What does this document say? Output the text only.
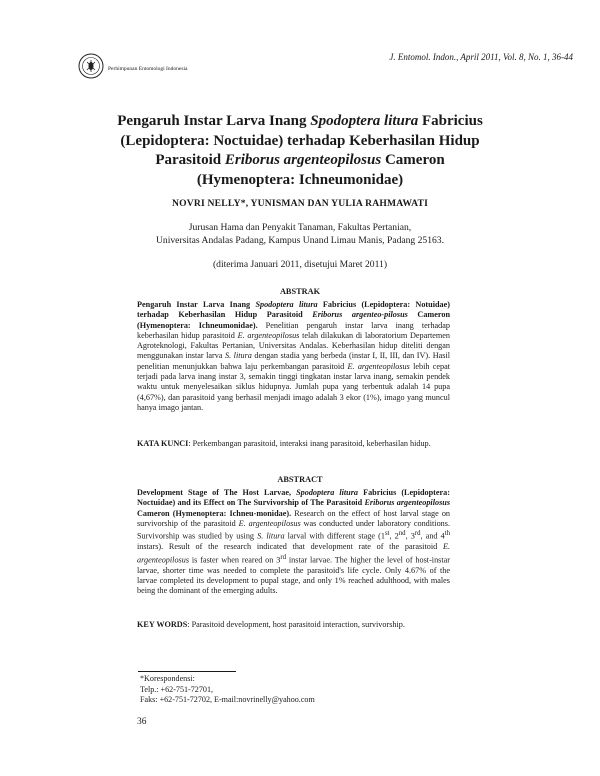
J. Entomol. Indon., April 2011, Vol. 8, No. 1, 36-44
Perhimpunan Entomologi Indonesia
Pengaruh Instar Larva Inang Spodoptera litura Fabricius
(Lepidoptera: Noctuidae) terhadap Keberhasilan Hidup
Parasitoid Eriborus argenteopilosus Cameron
(Hymenoptera: Ichneumonidae)
NOVRI NELLY*, YUNISMAN DAN YULIA RAHMAWATI
Jurusan Hama dan Penyakit Tanaman, Fakultas Pertanian,
Universitas Andalas Padang, Kampus Unand Limau Manis, Padang 25163.
(diterima Januari 2011, disetujui Maret 2011)
ABSTRAK
Pengaruh Instar Larva Inang Spodoptera litura Fabricius (Lepidoptera: Notuidae) terhadap Keberhasilan Hidup Parasitoid Eriborus argenteo-pilosus Cameron (Hymenoptera: Ichneumonidae). Penelitian pengaruh instar larva inang terhadap keberhasilan hidup parasitoid E. argenteopilosus telah dilakukan di laboratorium Departemen Agroteknologi, Fakultas Pertanian, Universitas Andalas. Keberhasilan hidup diteliti dengan menggunakan instar larva S. litura dengan stadia yang berbeda (instar I, II, III, dan IV). Hasil penelitian menunjukkan bahwa laju perkembangan parasitoid E. argenteopilosus lebih cepat terjadi pada larva inang instar 3, semakin tinggi tingkatan instar larva inang, semakin pendek waktu untuk menyelesaikan siklus hidupnya. Jumlah pupa yang terbentuk adalah 14 pupa (4,67%), dan parasitoid yang berhasil menjadi imago adalah 3 ekor (1%), imago yang muncul hanya imago jantan.
KATA KUNCI: Perkembangan parasitoid, interaksi inang parasitoid, keberhasilan hidup.
ABSTRACT
Development Stage of The Host Larvae, Spodoptera litura Fabricius (Lepidoptera: Noctuidae) and its Effect on The Survivorship of The Parasitoid Eriborus argenteopilosus Cameron (Hymenoptera: Ichneu-monidae). Research on the effect of host larval stage on survivorship of the parasitoid E. argenteopilosus was conducted under laboratory conditions. Survivorship was studied by using S. litura larval with different stage (1st, 2nd, 3rd, and 4th instars). Result of the research indicated that development rate of the parasitoid E. argenteopilosus is faster when reared on 3rd instar larvae. The higher the level of host-instar larvae, shorter time was needed to complete the parasitoid's life cycle. Only 4.67% of the larvae completed its development to pupal stage, and only 1% reached adulthood, with males being the dominant of the emerging adults.
KEY WORDS: Parasitoid development, host parasitoid interaction, survivorship.
*Korespondensi:
Telp.: +62-751-72701,
Faks: +62-751-72702, E-mail:novrinelly@yahoo.com
36
